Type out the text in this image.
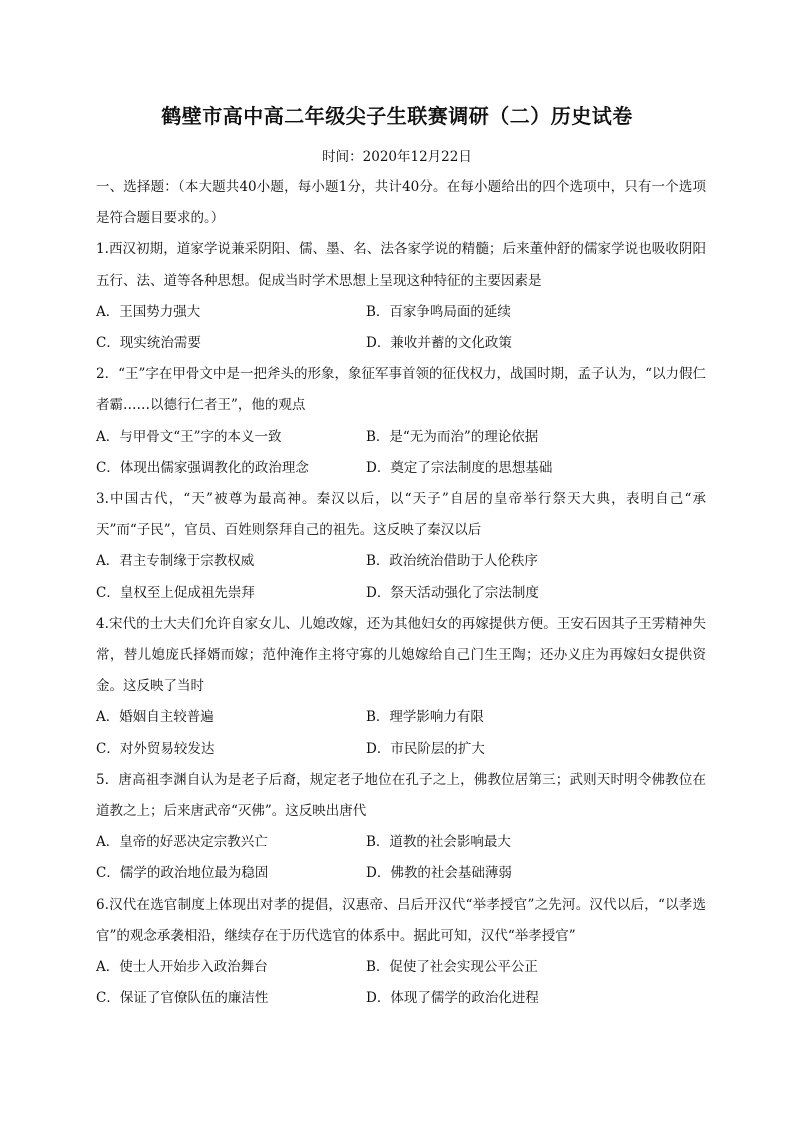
鹤壁市高中高二年级尖子生联赛调研（二）历史试卷
时间：2020年12月22日

一、选择题：（本大题共40小题，每小题1分，共计40分。在每小题给出的四个选项中，只有一个选项是符合题目要求的。）

1.西汉初期，道家学说兼采阴阳、儒、墨、名、法各家学说的精髓；后来董仲舒的儒家学说也吸收阴阳五行、法、道等各种思想。促成当时学术思想上呈现这种特征的主要因素是

A．王国势力强大	B．百家争鸣局面的延续
C．现实统治需要	D．兼收并蓄的文化政策

2．“王”字在甲骨文中是一把斧头的形象，象征军事首领的征伐权力，战国时期，孟子认为，“以力假仁者霸……以德行仁者王”，他的观点

A．与甲骨文“王”字的本义一致	B．是“无为而治”的理论依据
C．体现出儒家强调教化的政治理念	D．奠定了宗法制度的思想基础

3.中国古代，“天”被尊为最高神。秦汉以后，以“天子”自居的皇帝举行祭天大典，表明自己“承天”而“子民”，官员、百姓则祭拜自己的祖先。这反映了秦汉以后

A．君主专制缘于宗教权威	B．政治统治借助于人伦秩序
C．皇权至上促成祖先崇拜	D．祭天活动强化了宗法制度

4.宋代的士大夫们允许自家女儿、儿媳改嫁，还为其他妇女的再嫁提供方便。王安石因其子王雱精神失常，替儿媳庞氏择婿而嫁；范仲淹作主将守寡的儿媳嫁给自己门生王陶；还办义庄为再嫁妇女提供资金。这反映了当时

A．婚姻自主较普遍	B．理学影响力有限
C．对外贸易较发达	D．市民阶层的扩大

5．唐高祖李渊自认为是老子后裔，规定老子地位在孔子之上，佛教位居第三；武则天时明令佛教位在道教之上；后来唐武帝“灭佛”。这反映出唐代

A．皇帝的好恶决定宗教兴亡	B．道教的社会影响最大
C．儒学的政治地位最为稳固	D．佛教的社会基础薄弱

6.汉代在选官制度上体现出对孝的提倡，汉惠帝、吕后开汉代“举孝授官”之先河。汉代以后，“以孝选官”的观念承袭相沿，继续存在于历代选官的体系中。据此可知，汉代“举孝授官”

A．使士人开始步入政治舞台	B．促使了社会实现公平公正
C．保证了官僚队伍的廉洁性	D．体现了儒学的政治化进程
